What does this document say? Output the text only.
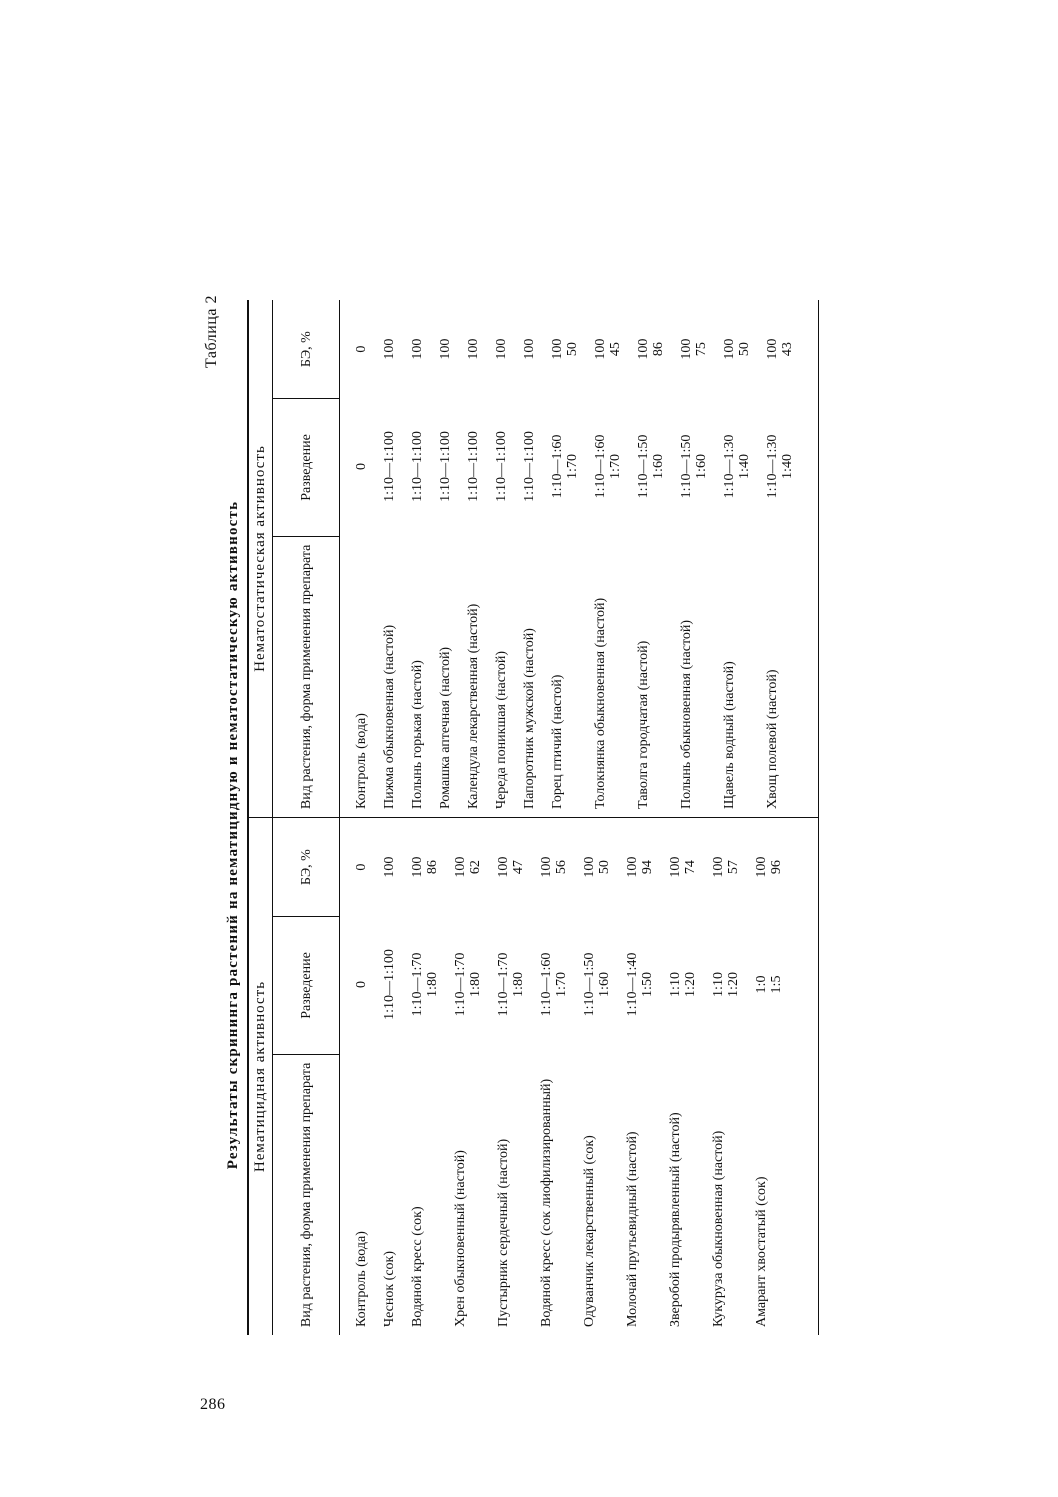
286
Таблица 2
Результаты скрининга растений на нематицидную и нематостатическую активность Нематицидная активность	Вид растения, форма применения препарата
Разведение
БЭ, %
Контроль (вода)
0
0
Чеснок (сок)
1:10—1:100
100
Водяной кресс (сок)
1:10—1:70
1:80
100
86
Хрен обыкновенный (настой)
1:10—1:70
1:80
100
62
Пустырник сердечный (настой)
1:10—1:70
1:80
100
47
Водяной кресс (сок лиофилизированный)
1:10—1:60
1:70
100
56
Одуванчик лекарственный (сок)
1:10—1:50
1:60
100
50
Молочай прутьевидный (настой)
1:10—1:40
1:50
100
94
Зверобой продырявленный (настой)
1:10
1:20
100
74
Кукуруза обыкновенная (настой)
1:10
1:20
100
57
Амарант хвостатый (сок)
1:0
1:5
100
96
Нематостатическая активность	Вид растения, форма применения препарата
Разведение
БЭ, %
Контроль (вода)
0
0
Пижма обыкновенная (настой)
1:10—1:100
100
Полынь горькая (настой)
1:10—1:100
100
Ромашка аптечная (настой)
1:10—1:100
100
Календула лекарственная (настой)
1:10—1:100
100
Череда поникшая (настой)
1:10—1:100
100
Папоротник мужской (настой)
1:10—1:100
100
Горец птичий (настой)
1:10—1:60
1:70
100
50
Толокнянка обыкновенная (настой)
1:10—1:60
1:70
100
45
Таволга городчатая (настой)
1:10—1:50
1:60
100
86
Полынь обыкновенная (настой)
1:10—1:50
1:60
100
75
Щавель водный (настой)
1:10—1:30
1:40
100
50
Хвощ полевой (настой)
1:10—1:30
1:40
100
43
